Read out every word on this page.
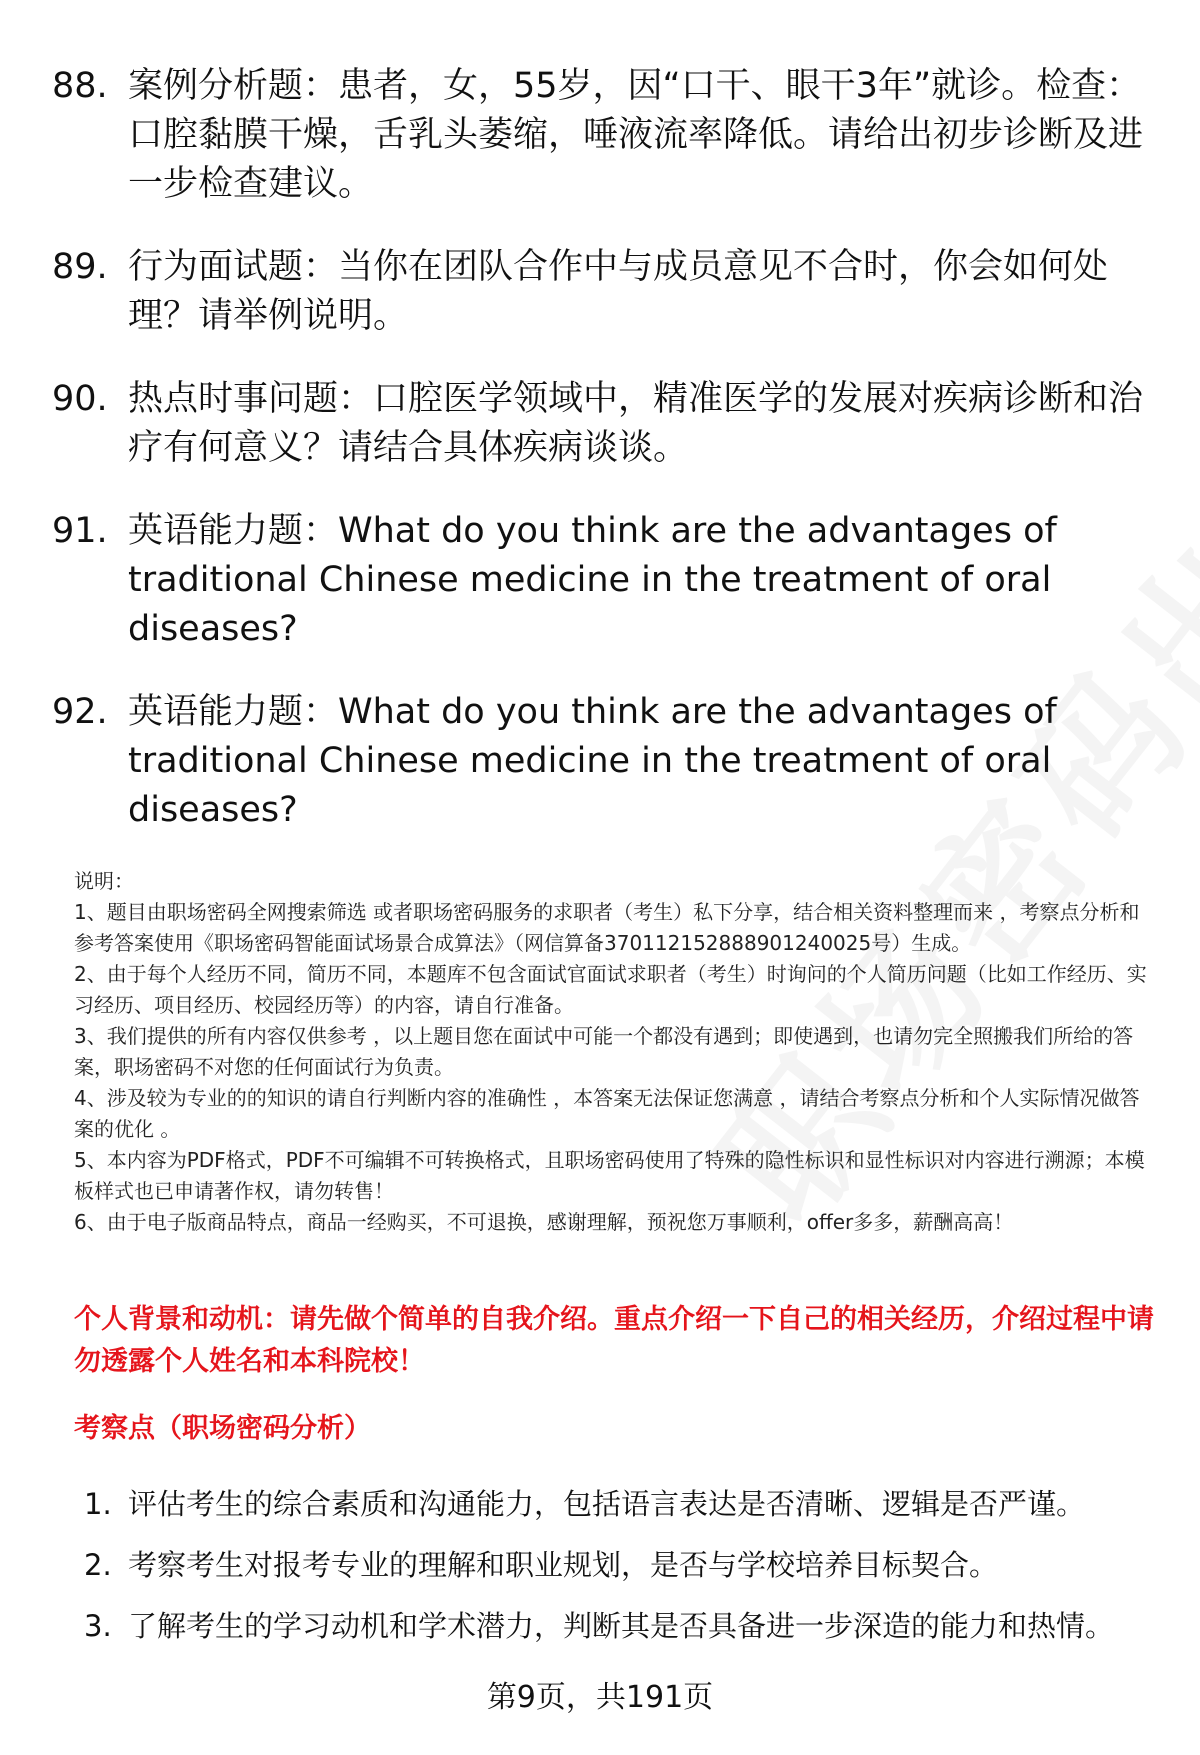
88. 案例分析题：患者，女，55岁，因“口干、眼干3年”就诊。检查：口腔黏膜干燥，舌乳头萎缩，唾液流率降低。请给出初步诊断及进一步检查建议。
89. 行为面试题：当你在团队合作中与成员意见不合时，你会如何处理？请举例说明。
90. 热点时事问题：口腔医学领域中，精准医学的发展对疾病诊断和治疗有何意义？请结合具体疾病谈谈。
91. 英语能力题：What do you think are the advantages of traditional Chinese medicine in the treatment of oral diseases?
92. 英语能力题：What do you think are the advantages of traditional Chinese medicine in the treatment of oral diseases?

说明：

1、题目由职场密码全网搜索筛选 或者职场密码服务的求职者（考生）私下分享，结合相关资料整理而来 ，考察点分析和参考答案使用《职场密码智能面试场景合成算法》（网信算备370112152888901240025号）生成。

2、由于每个人经历不同，简历不同，本题库不包含面试官面试求职者（考生）时询问的个人简历问题（比如工作经历、实习经历、项目经历、校园经历等）的内容，请自行准备。

3、我们提供的所有内容仅供参考 ，以上题目您在面试中可能一个都没有遇到；即使遇到，也请勿完全照搬我们所给的答案，职场密码不对您的任何面试行为负责。

4、涉及较为专业的的知识的请自行判断内容的准确性 ，本答案无法保证您满意 ，请结合考察点分析和个人实际情况做答案的优化 。

5、本内容为PDF格式，PDF不可编辑不可转换格式，且职场密码使用了特殊的隐性标识和显性标识对内容进行溯源；本模板样式也已申请著作权，请勿转售！

6、由于电子版商品特点，商品一经购买，不可退换，感谢理解，预祝您万事顺利，offer多多，薪酬高高！

个人背景和动机：请先做个简单的自我介绍。重点介绍一下自己的相关经历，介绍过程中请勿透露个人姓名和本科院校！
考察点（职场密码分析）
1. 评估考生的综合素质和沟通能力，包括语言表达是否清晰、逻辑是否严谨。
2. 考察考生对报考专业的理解和职业规划，是否与学校培养目标契合。
3. 了解考生的学习动机和学术潜力，判断其是否具备进一步深造的能力和热情。
第9页，共191页
